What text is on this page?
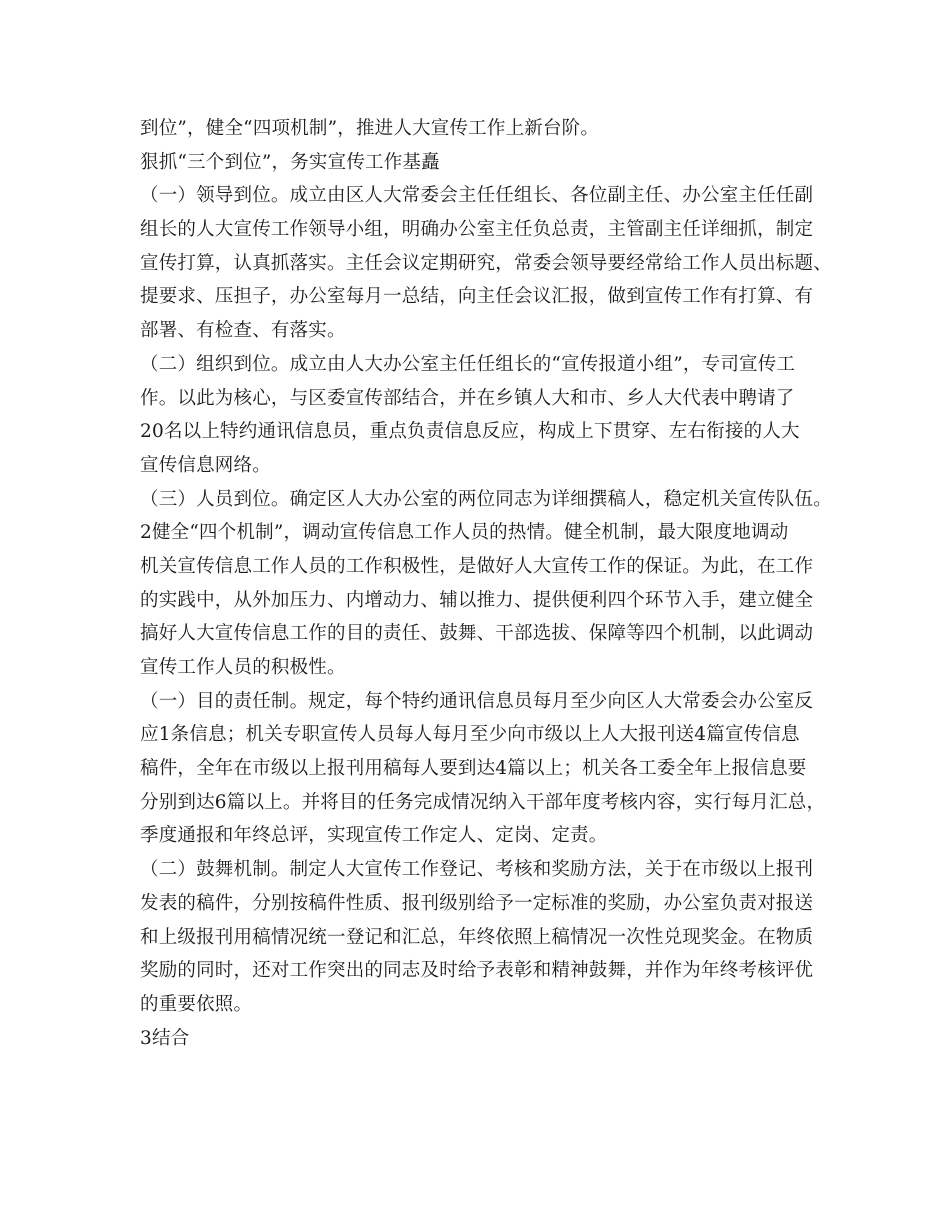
到位”，健全“四项机制”，推进人大宣传工作上新台阶。
狠抓“三个到位”，务实宣传工作基矗
（一）领导到位。成立由区人大常委会主任任组长、各位副主任、办公室主任任副
组长的人大宣传工作领导小组，明确办公室主任负总责，主管副主任详细抓，制定
宣传打算，认真抓落实。主任会议定期研究，常委会领导要经常给工作人员出标题、
提要求、压担子，办公室每月一总结，向主任会议汇报，做到宣传工作有打算、有
部署、有检查、有落实。
（二）组织到位。成立由人大办公室主任任组长的“宣传报道小组”，专司宣传工
作。以此为核心，与区委宣传部结合，并在乡镇人大和市、乡人大代表中聘请了
20名以上特约通讯信息员，重点负责信息反应，构成上下贯穿、左右衔接的人大
宣传信息网络。
（三）人员到位。确定区人大办公室的两位同志为详细撰稿人，稳定机关宣传队伍。
2健全“四个机制”，调动宣传信息工作人员的热情。健全机制，最大限度地调动
机关宣传信息工作人员的工作积极性，是做好人大宣传工作的保证。为此，在工作
的实践中，从外加压力、内增动力、辅以推力、提供便利四个环节入手，建立健全
搞好人大宣传信息工作的目的责任、鼓舞、干部选拔、保障等四个机制，以此调动
宣传工作人员的积极性。
（一）目的责任制。规定，每个特约通讯信息员每月至少向区人大常委会办公室反
应1条信息；机关专职宣传人员每人每月至少向市级以上人大报刊送4篇宣传信息
稿件，全年在市级以上报刊用稿每人要到达4篇以上；机关各工委全年上报信息要
分别到达6篇以上。并将目的任务完成情况纳入干部年度考核内容，实行每月汇总，
季度通报和年终总评，实现宣传工作定人、定岗、定责。
（二）鼓舞机制。制定人大宣传工作登记、考核和奖励方法，关于在市级以上报刊
发表的稿件，分别按稿件性质、报刊级别给予一定标准的奖励，办公室负责对报送
和上级报刊用稿情况统一登记和汇总，年终依照上稿情况一次性兑现奖金。在物质
奖励的同时，还对工作突出的同志及时给予表彰和精神鼓舞，并作为年终考核评优
的重要依照。
3结合
